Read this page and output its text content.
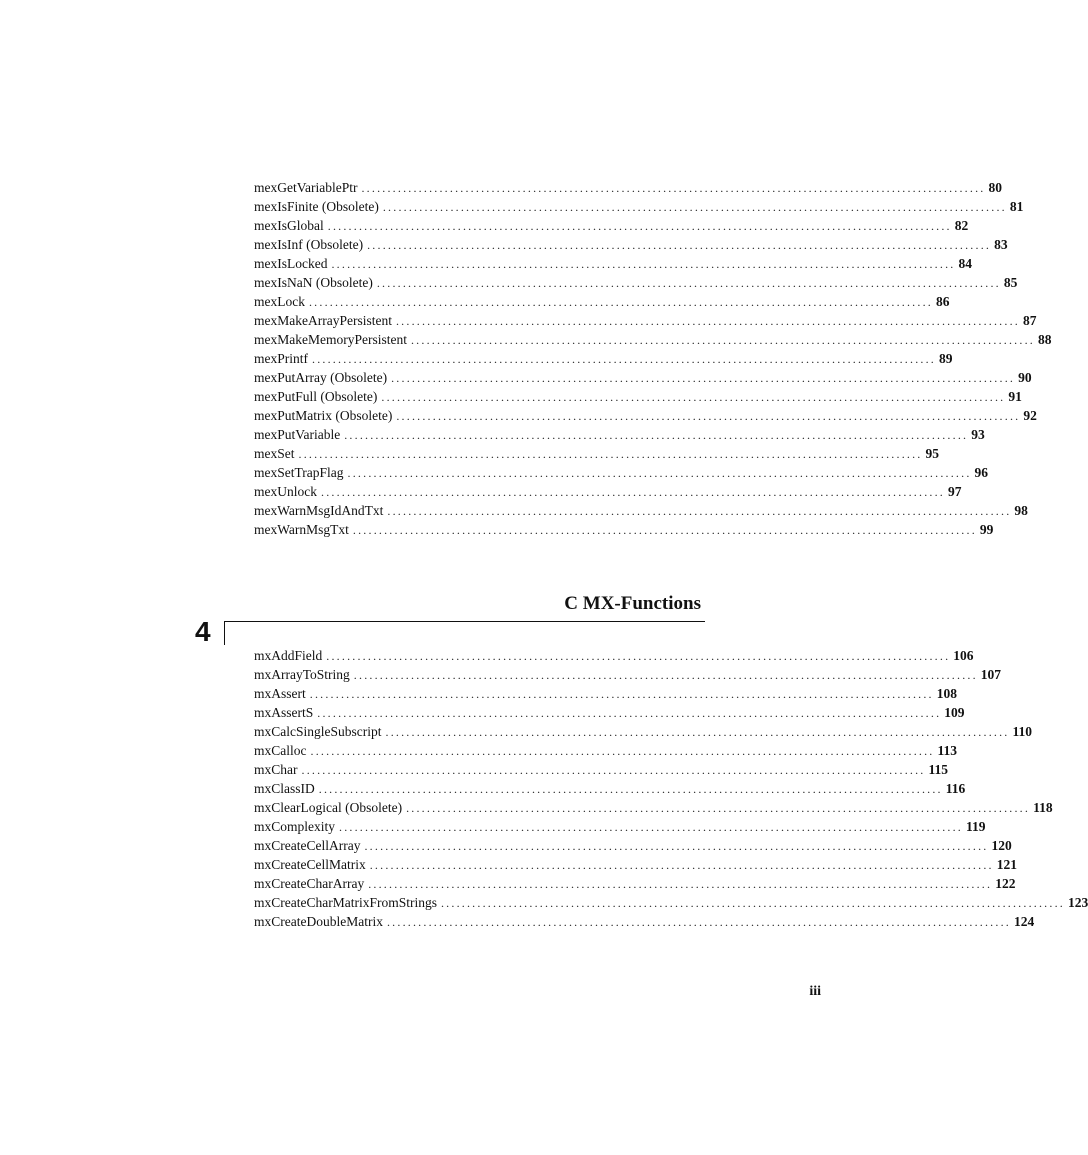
mexGetVariablePtr ........................................................................................................................ 80
mexIsFinite (Obsolete) ........................................................................................................................ 81
mexIsGlobal ........................................................................................................................ 82
mexIsInf (Obsolete) ........................................................................................................................ 83
mexIsLocked ........................................................................................................................ 84
mexIsNaN (Obsolete) ........................................................................................................................ 85
mexLock ........................................................................................................................ 86
mexMakeArrayPersistent ........................................................................................................................ 87
mexMakeMemoryPersistent ........................................................................................................................ 88
mexPrintf ........................................................................................................................ 89
mexPutArray (Obsolete) ........................................................................................................................ 90
mexPutFull (Obsolete) ........................................................................................................................ 91
mexPutMatrix (Obsolete) ........................................................................................................................ 92
mexPutVariable ........................................................................................................................ 93
mexSet ........................................................................................................................ 95
mexSetTrapFlag ........................................................................................................................ 96
mexUnlock ........................................................................................................................ 97
mexWarnMsgIdAndTxt ........................................................................................................................ 98
mexWarnMsgTxt ........................................................................................................................ 99
C MX-Functions
4
mxAddField ........................................................................................................................ 106
mxArrayToString ........................................................................................................................ 107
mxAssert ........................................................................................................................ 108
mxAssertS ........................................................................................................................ 109
mxCalcSingleSubscript ........................................................................................................................ 110
mxCalloc ........................................................................................................................ 113
mxChar ........................................................................................................................ 115
mxClassID ........................................................................................................................ 116
mxClearLogical (Obsolete) ........................................................................................................................ 118
mxComplexity ........................................................................................................................ 119
mxCreateCellArray ........................................................................................................................ 120
mxCreateCellMatrix ........................................................................................................................ 121
mxCreateCharArray ........................................................................................................................ 122
mxCreateCharMatrixFromStrings ........................................................................................................................ 123
mxCreateDoubleMatrix ........................................................................................................................ 124
iii
